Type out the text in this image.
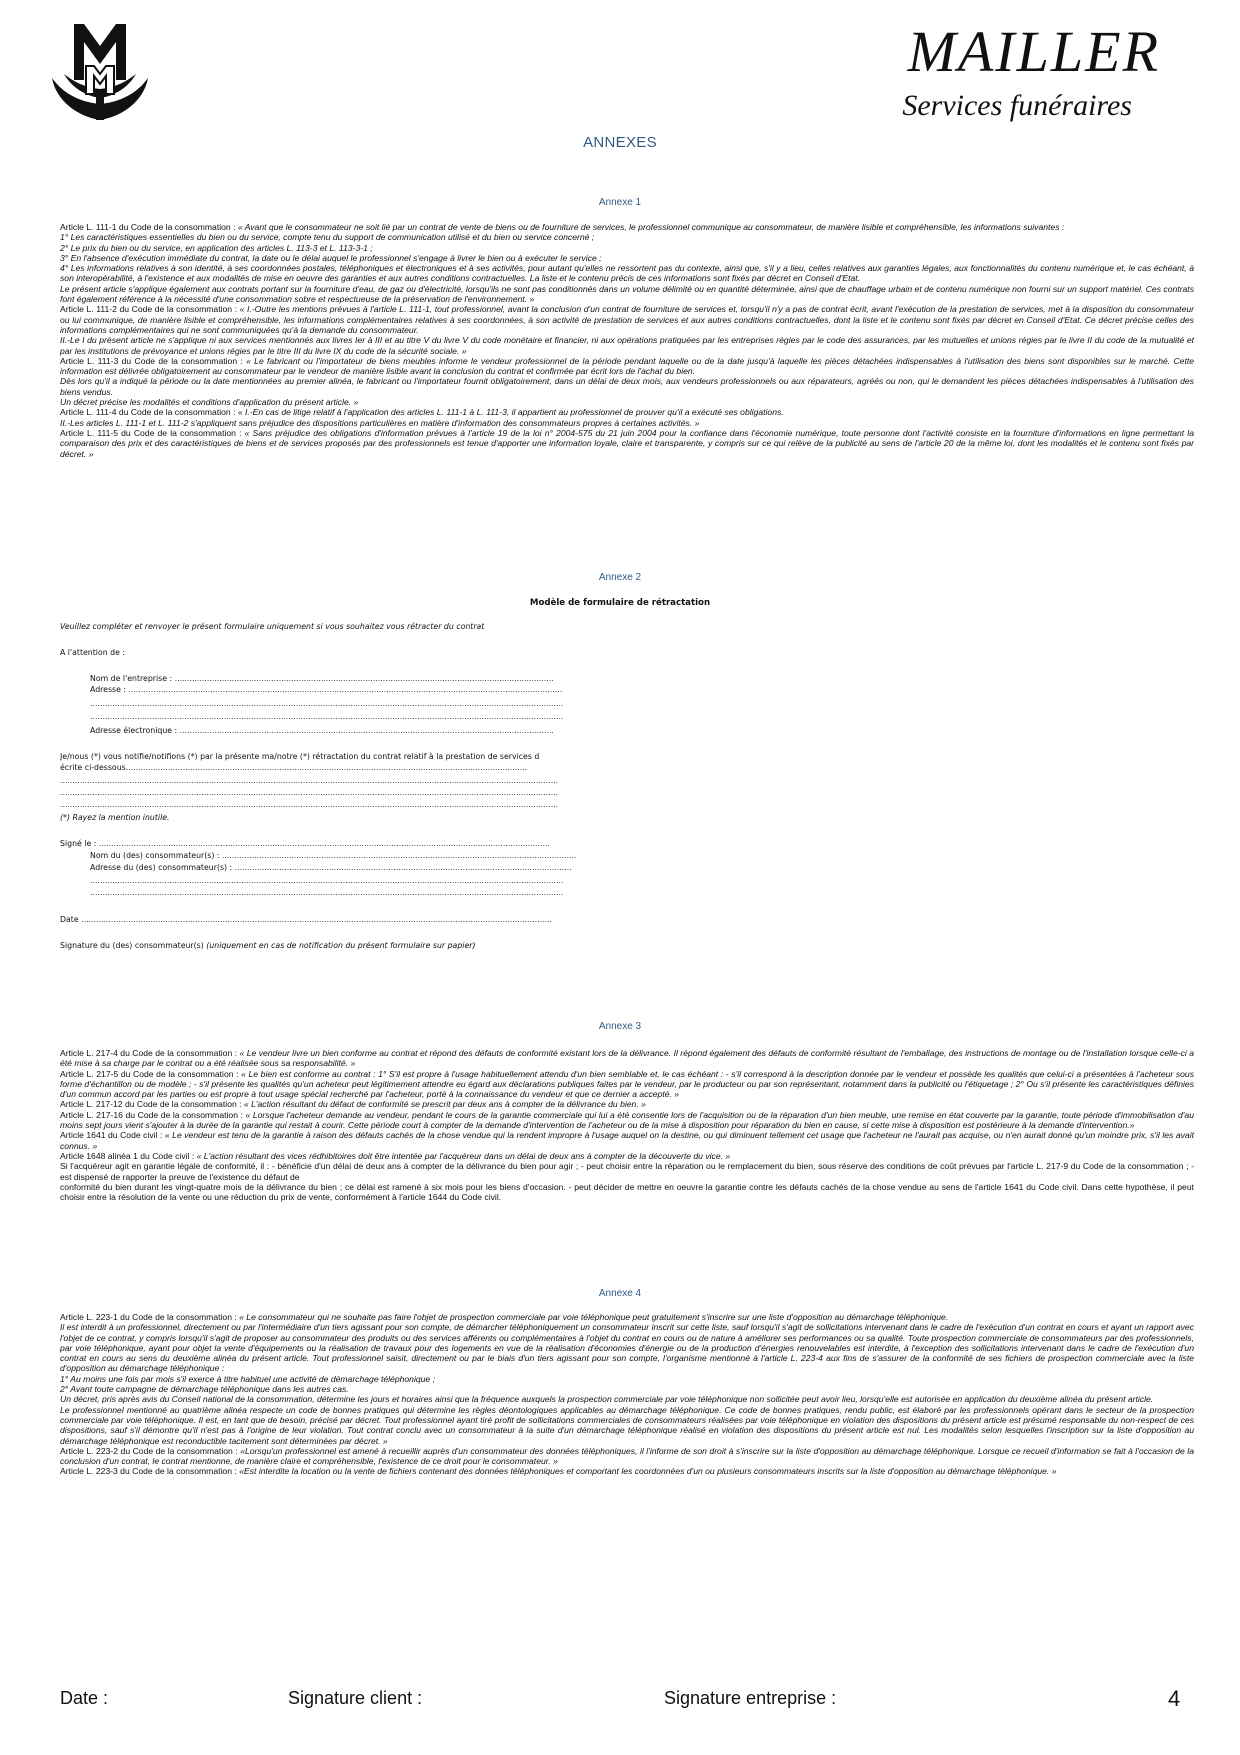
MAILLER
Services funéraires
ANNEXES
Annexe 1

Article L. 111-1 du Code de la consommation : « Avant que le consommateur ne soit lié par un contrat de vente de biens ou de fourniture de services, le professionnel communique au consommateur, de manière lisible et compréhensible, les informations suivantes :

1° Les caractéristiques essentielles du bien ou du service, compte tenu du support de communication utilisé et du bien ou service concerné ;

2° Le prix du bien ou du service, en application des articles L. 113-3 et L. 113-3-1 ;

3° En l'absence d'exécution immédiate du contrat, la date ou le délai auquel le professionnel s'engage à livrer le bien ou à exécuter le service ;

4° Les informations relatives à son identité, à ses coordonnées postales, téléphoniques et électroniques et à ses activités, pour autant qu'elles ne ressortent pas du contexte, ainsi que, s'il y a lieu, celles relatives aux garanties légales, aux fonctionnalités du contenu numérique et, le cas échéant, à son interopérabilité, à l'existence et aux modalités de mise en oeuvre des garanties et aux autres conditions contractuelles. La liste et le contenu précis de ces informations sont fixés par décret en Conseil d'Etat.

Le présent article s'applique également aux contrats portant sur la fourniture d'eau, de gaz ou d'électricité, lorsqu'ils ne sont pas conditionnés dans un volume délimité ou en quantité déterminée, ainsi que de chauffage urbain et de contenu numérique non fourni sur un support matériel. Ces contrats font également référence à la nécessité d'une consommation sobre et respectueuse de la préservation de l'environnement. »

Article L. 111-2 du Code de la consommation : « I.-Outre les mentions prévues à l'article L. 111-1, tout professionnel, avant la conclusion d'un contrat de fourniture de services et, lorsqu'il n'y a pas de contrat écrit, avant l'exécution de la prestation de services, met à la disposition du consommateur ou lui communique, de manière lisible et compréhensible, les informations complémentaires relatives à ses coordonnées, à son activité de prestation de services et aux autres conditions contractuelles, dont la liste et le contenu sont fixés par décret en Conseil d'Etat. Ce décret précise celles des informations complémentaires qui ne sont communiquées qu'à la demande du consommateur.

II.-Le I du présent article ne s'applique ni aux services mentionnés aux livres Ier à III et au titre V du livre V du code monétaire et financier, ni aux opérations pratiquées par les entreprises régies par le code des assurances, par les mutuelles et unions régies par le livre II du code de la mutualité et par les institutions de prévoyance et unions régies par le titre III du livre IX du code de la sécurité sociale. »

Article L. 111-3 du Code de la consommation : « Le fabricant ou l'importateur de biens meubles informe le vendeur professionnel de la période pendant laquelle ou de la date jusqu'à laquelle les pièces détachées indispensables à l'utilisation des biens sont disponibles sur le marché. Cette information est délivrée obligatoirement au consommateur par le vendeur de manière lisible avant la conclusion du contrat et confirmée par écrit lors de l'achat du bien.

Dès lors qu'il a indiqué la période ou la date mentionnées au premier alinéa, le fabricant ou l'importateur fournit obligatoirement, dans un délai de deux mois, aux vendeurs professionnels ou aux réparateurs, agréés ou non, qui le demandent les pièces détachées indispensables à l'utilisation des biens vendus.

Un décret précise les modalités et conditions d'application du présent article. »

Article L. 111-4 du Code de la consommation : « I.-En cas de litige relatif à l'application des articles L. 111-1 à L. 111-3, il appartient au professionnel de prouver qu'il a exécuté ses obligations.

II.-Les articles L. 111-1 et L. 111-2 s'appliquent sans préjudice des dispositions particulières en matière d'information des consommateurs propres à certaines activités. »

Article L. 111-5 du Code de la consommation : « Sans préjudice des obligations d'information prévues à l'article 19 de la loi n° 2004-575 du 21 juin 2004 pour la confiance dans l'économie numérique, toute personne dont l'activité consiste en la fourniture d'informations en ligne permettant la comparaison des prix et des caractéristiques de biens et de services proposés par des professionnels est tenue d'apporter une information loyale, claire et transparente, y compris sur ce qui relève de la publicité au sens de l'article 20 de la même loi, dont les modalités et le contenu sont fixés par décret. »

Annexe 2
Modèle de formulaire de rétractation
Veuillez compléter et renvoyer le présent formulaire uniquement si vous souhaitez vous rétracter du contrat
A l'attention de :
Nom de l'entreprise : .........................................................................................................................................................
Adresse : ...............................................................................................................................................................................
...............................................................................................................................................................................................
...............................................................................................................................................................................................
Adresse électronique : .......................................................................................................................................................
Je/nous (*) vous notifie/notifions (*) par la présente ma/notre (*) rétractation du contrat relatif à la prestation de services d
écrite ci-dessous..................................................................................................................................................................
.........................................................................................................................................................................................................
.........................................................................................................................................................................................................
.........................................................................................................................................................................................................
(*) Rayez la mention inutile.
Signé le : ......................................................................................................................................................................................
Nom du (des) consommateur(s) : ...............................................................................................................................................
Adresse du (des) consommateur(s) : ........................................................................................................................................
...............................................................................................................................................................................................
...............................................................................................................................................................................................
Date ..............................................................................................................................................................................................
Signature du (des) consommateur(s) (uniquement en cas de notification du présent formulaire sur papier)
Annexe 3

Article L. 217-4 du Code de la consommation : « Le vendeur livre un bien conforme au contrat et répond des défauts de conformité existant lors de la délivrance. Il répond également des défauts de conformité résultant de l'emballage, des instructions de montage ou de l'installation lorsque celle-ci a été mise à sa charge par le contrat ou a été réalisée sous sa responsabilité. »

Article L. 217-5 du Code de la consommation : « Le bien est conforme au contrat : 1° S'il est propre à l'usage habituellement attendu d'un bien semblable et, le cas échéant : - s'il correspond à la description donnée par le vendeur et possède les qualités que celui-ci a présentées à l'acheteur sous forme d'échantillon ou de modèle ; - s'il présente les qualités qu'un acheteur peut légitimement attendre eu égard aux déclarations publiques faites par le vendeur, par le producteur ou par son représentant, notamment dans la publicité ou l'étiquetage ; 2° Ou s'il présente les caractéristiques définies d'un commun accord par les parties ou est propre à tout usage spécial recherché par l'acheteur, porté à la connaissance du vendeur et que ce dernier a accepté. »

Article L. 217-12 du Code de la consommation : « L'action résultant du défaut de conformité se prescrit par deux ans à compter de la délivrance du bien. »

Article L. 217-16 du Code de la consommation : « Lorsque l'acheteur demande au vendeur, pendant le cours de la garantie commerciale qui lui a été consentie lors de l'acquisition ou de la réparation d'un bien meuble, une remise en état couverte par la garantie, toute période d'immobilisation d'au moins sept jours vient s'ajouter à la durée de la garantie qui restait à courir. Cette période court à compter de la demande d'intervention de l'acheteur ou de la mise à disposition pour réparation du bien en cause, si cette mise à disposition est postérieure à la demande d'intervention.»

Article 1641 du Code civil : « Le vendeur est tenu de la garantie à raison des défauts cachés de la chose vendue qui la rendent impropre à l'usage auquel on la destine, ou qui diminuent tellement cet usage que l'acheteur ne l'aurait pas acquise, ou n'en aurait donné qu'un moindre prix, s'il les avait connus. »

Article 1648 alinéa 1 du Code civil : « L'action résultant des vices rédhibitoires doit être intentée par l'acquéreur dans un délai de deux ans à compter de la découverte du vice. »

Si l'acquéreur agit en garantie légale de conformité, il : - bénéficie d'un délai de deux ans à compter de la délivrance du bien pour agir ; - peut choisir entre la réparation ou le remplacement du bien, sous réserve des conditions de coût prévues par l'article L. 217-9 du Code de la consommation ; - est dispensé de rapporter la preuve de l'existence du défaut de

conformité du bien durant les vingt-quatre mois de la délivrance du bien ; ce délai est ramené à six mois pour les biens d'occasion. - peut décider de mettre en oeuvre la garantie contre les défauts cachés de la chose vendue au sens de l'article 1641 du Code civil. Dans cette hypothèse, il peut choisir entre la résolution de la vente ou une réduction du prix de vente, conformément à l'article 1644 du Code civil.

Annexe 4

Article L. 223-1 du Code de la consommation : « Le consommateur qui ne souhaite pas faire l'objet de prospection commerciale par voie téléphonique peut gratuitement s'inscrire sur une liste d'opposition au démarchage téléphonique.

Il est interdit à un professionnel, directement ou par l'intermédiaire d'un tiers agissant pour son compte, de démarcher téléphoniquement un consommateur inscrit sur cette liste, sauf lorsqu'il s'agit de sollicitations intervenant dans le cadre de l'exécution d'un contrat en cours et ayant un rapport avec l'objet de ce contrat, y compris lorsqu'il s'agit de proposer au consommateur des produits ou des services afférents ou complémentaires à l'objet du contrat en cours ou de nature à améliorer ses performances ou sa qualité. Toute prospection commerciale de consommateurs par des professionnels, par voie téléphonique, ayant pour objet la vente d'équipements ou la réalisation de travaux pour des logements en vue de la réalisation d'économies d'énergie ou de la production d'énergies renouvelables est interdite, à l'exception des sollicitations intervenant dans le cadre de l'exécution d'un contrat en cours au sens du deuxième alinéa du présent article. Tout professionnel saisit, directement ou par le biais d'un tiers agissant pour son compte, l'organisme mentionné à l'article L. 223-4 aux fins de s'assurer de la conformité de ses fichiers de prospection commerciale avec la liste d'opposition au démarchage téléphonique :

1° Au moins une fois par mois s'il exerce à titre habituel une activité de démarchage téléphonique ;

2° Avant toute campagne de démarchage téléphonique dans les autres cas.

Un décret, pris après avis du Conseil national de la consommation, détermine les jours et horaires ainsi que la fréquence auxquels la prospection commerciale par voie téléphonique non sollicitée peut avoir lieu, lorsqu'elle est autorisée en application du deuxième alinéa du présent article.

Le professionnel mentionné au quatrième alinéa respecte un code de bonnes pratiques qui détermine les règles déontologiques applicables au démarchage téléphonique. Ce code de bonnes pratiques, rendu public, est élaboré par les professionnels opérant dans le secteur de la prospection commerciale par voie téléphonique. Il est, en tant que de besoin, précisé par décret. Tout professionnel ayant tiré profit de sollicitations commerciales de consommateurs réalisées par voie téléphonique en violation des dispositions du présent article est présumé responsable du non-respect de ces dispositions, sauf s'il démontre qu'il n'est pas à l'origine de leur violation. Tout contrat conclu avec un consommateur à la suite d'un démarchage téléphonique réalisé en violation des dispositions du présent article est nul. Les modalités selon lesquelles l'inscription sur la liste d'opposition au démarchage téléphonique est reconductible tacitement sont déterminées par décret. »

Article L. 223-2 du Code de la consommation : «Lorsqu'un professionnel est amené à recueillir auprès d'un consommateur des données téléphoniques, il l'informe de son droit à s'inscrire sur la liste d'opposition au démarchage téléphonique. Lorsque ce recueil d'information se fait à l'occasion de la conclusion d'un contrat, le contrat mentionne, de manière claire et compréhensible, l'existence de ce droit pour le consommateur. »

Article L. 223-3 du Code de la consommation : «Est interdite la location ou la vente de fichiers contenant des données téléphoniques et comportant les coordonnées d'un ou plusieurs consommateurs inscrits sur la liste d'opposition au démarchage téléphonique. »

Date :	Signature client :	Signature entreprise :	4
